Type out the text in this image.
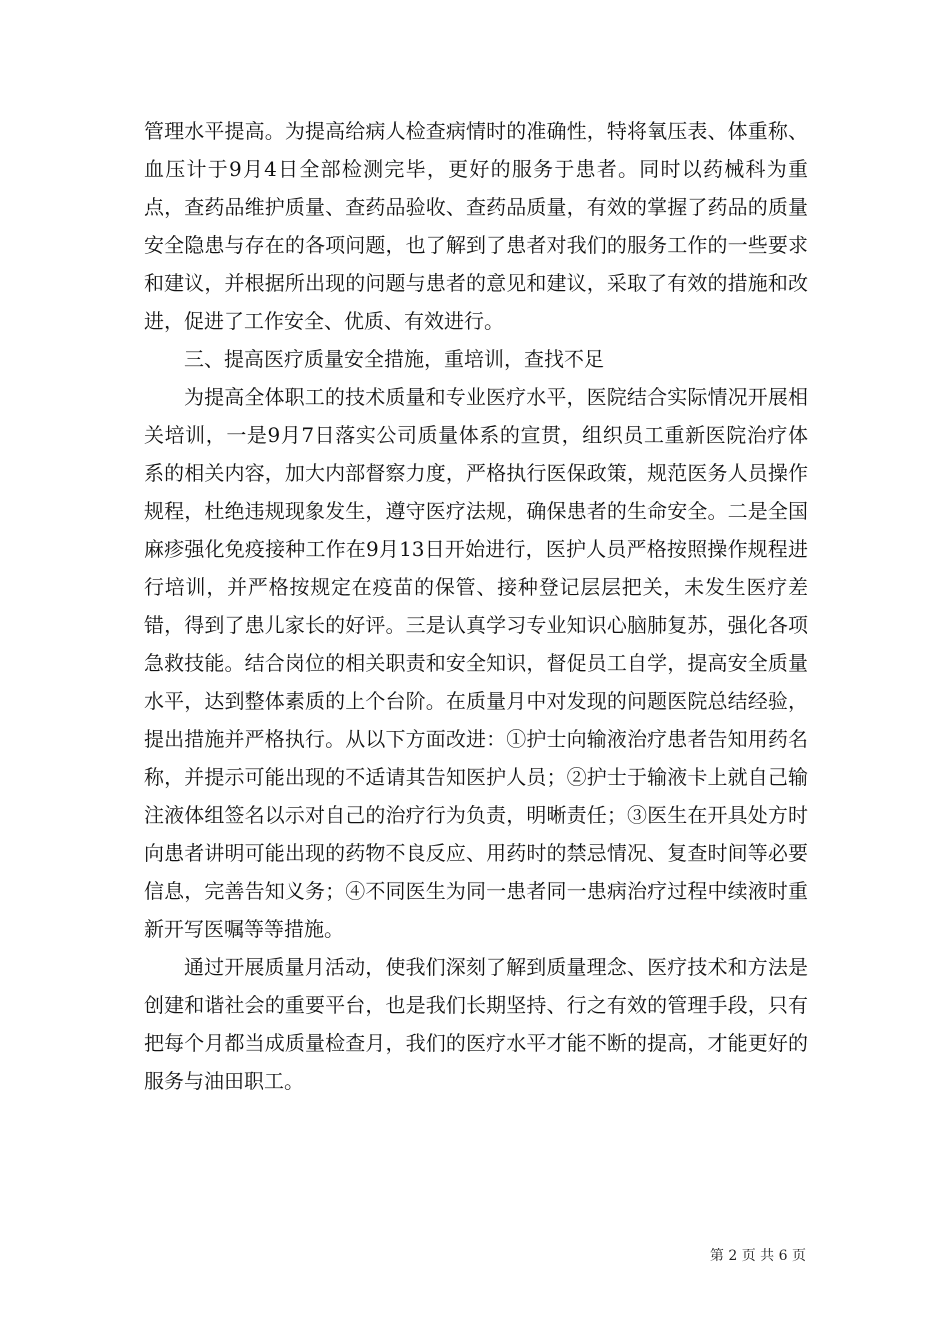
管理水平提高。为提高给病人检查病情时的准确性，特将氧压表、体重称、血压计于9月4日全部检测完毕，更好的服务于患者。同时以药械科为重点，查药品维护质量、查药品验收、查药品质量，有效的掌握了药品的质量安全隐患与存在的各项问题，也了解到了患者对我们的服务工作的一些要求和建议，并根据所出现的问题与患者的意见和建议，采取了有效的措施和改进，促进了工作安全、优质、有效进行。

三、提高医疗质量安全措施，重培训，查找不足

为提高全体职工的技术质量和专业医疗水平，医院结合实际情况开展相关培训，一是9月7日落实公司质量体系的宣贯，组织员工重新医院治疗体系的相关内容，加大内部督察力度，严格执行医保政策，规范医务人员操作规程，杜绝违规现象发生，遵守医疗法规，确保患者的生命安全。二是全国麻疹强化免疫接种工作在9月13日开始进行，医护人员严格按照操作规程进行培训，并严格按规定在疫苗的保管、接种登记层层把关，未发生医疗差错，得到了患儿家长的好评。三是认真学习专业知识心脑肺复苏，强化各项急救技能。结合岗位的相关职责和安全知识，督促员工自学，提高安全质量水平，达到整体素质的上个台阶。在质量月中对发现的问题医院总结经验，提出措施并严格执行。从以下方面改进：①护士向输液治疗患者告知用药名称，并提示可能出现的不适请其告知医护人员；②护士于输液卡上就自己输注液体组签名以示对自己的治疗行为负责，明晰责任；③医生在开具处方时向患者讲明可能出现的药物不良反应、用药时的禁忌情况、复查时间等必要信息，完善告知义务；④不同医生为同一患者同一患病治疗过程中续液时重新开写医嘱等等措施。

通过开展质量月活动，使我们深刻了解到质量理念、医疗技术和方法是创建和谐社会的重要平台，也是我们长期坚持、行之有效的管理手段，只有把每个月都当成质量检查月，我们的医疗水平才能不断的提高，才能更好的服务与油田职工。

第 2 页 共 6 页
